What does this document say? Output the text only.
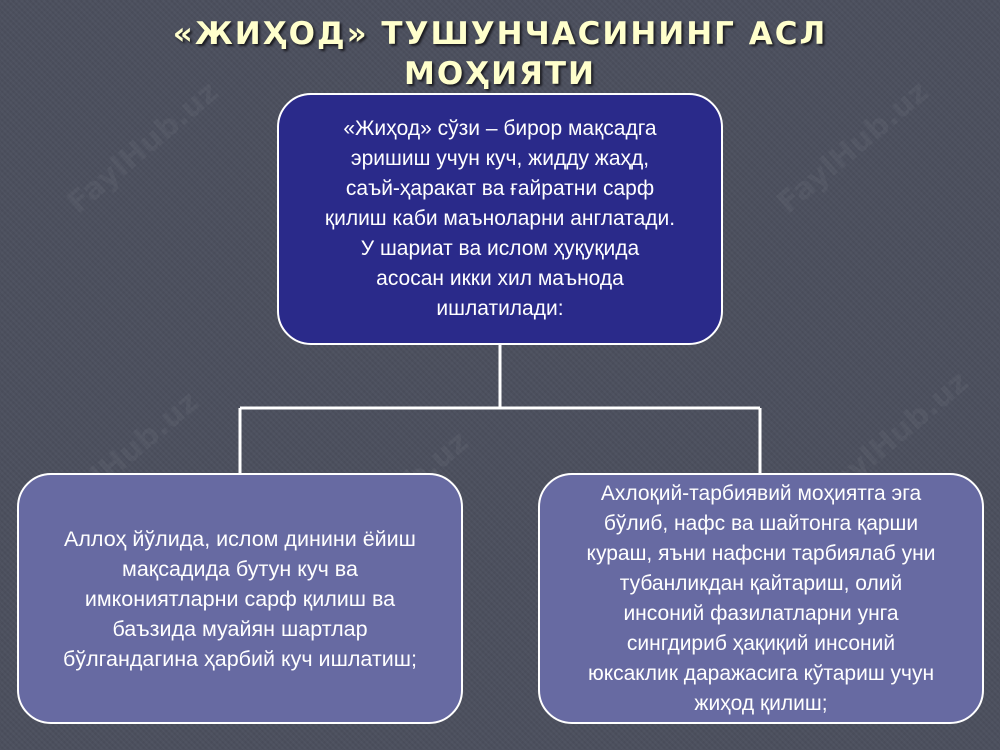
«ЖИҲОД» ТУШУНЧАСИНИНГ АСЛ
МОҲИЯТИ
«Жиҳод» сўзи – бирор мақсадга
эришиш учун куч, жидду жаҳд,
саъй-ҳаракат ва ғайратни сарф
қилиш каби маъноларни англатади.
У шариат ва ислом ҳуқуқида
асосан икки хил маънода
ишлатилади:
Аллоҳ йўлида, ислом динини ёйиш
мақсадида бутун куч ва
имкониятларни сарф қилиш ва
баъзида муайян шартлар
бўлгандагина ҳарбий куч ишлатиш;
Ахлоқий-тарбиявий моҳиятга эга
бўлиб, нафс ва шайтонга қарши
кураш, яъни нафсни тарбиялаб уни
тубанликдан қайтариш, олий
инсоний фазилатларни унга
сингдириб ҳақиқий инсоний
юксаклик даражасига кўтариш учун
жиҳод қилиш;
